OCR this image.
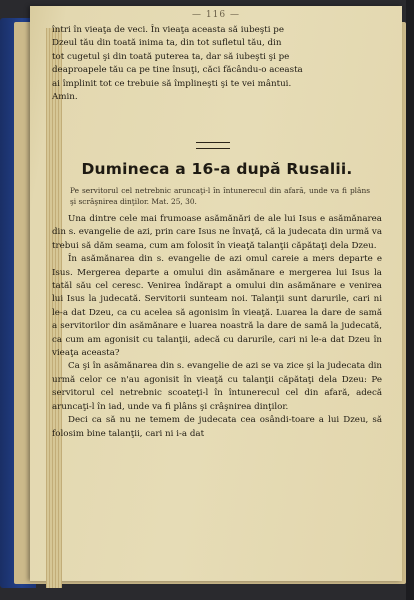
— 116 —

întri în vieaţa de veci. În vieaţa aceasta să iubeşti pe

Dzeul tău din toată inima ta, din tot sufletul tău, din

tot cugetul şi din toată puterea ta, dar să iubeşti şi pe

deaproapele tău ca pe tine însuţi, căci făcându-o aceasta

ai împlinit tot ce trebuie să împlineşti şi te vei mântui.

Amin.

Dumineca a 16-a după Rusalii.
Pe servitorul cel netrebnic aruncaţi-l în întunerecul din afară, unde va fi plâns şi scrâşnirea dinţilor. Mat. 25, 30.

Una dintre cele mai frumoase asămănări de ale lui Isus e asămănarea din s. evangelie de azi, prin care Isus ne învaţă, că la judecata din urmă va trebui să dăm seama, cum am folosit în vieaţă talanţii căpătaţi dela Dzeu.

În asămănarea din s. evangelie de azi omul careie a mers departe e Isus. Mergerea departe a omului din asămănare e mergerea lui Isus la tatăl său cel ceresc. Venirea îndărapt a omului din asămănare e venirea lui Isus la judecată. Servitorii sunteam noi. Talanţii sunt darurile, cari ni le-a dat Dzeu, ca cu acelea să agonisim în vieaţă. Luarea la dare de samă a servitorilor din asămănare e luarea noastră la dare de samă la judecată, ca cum am agonisit cu talanţii, adecă cu darurile, cari ni le-a dat Dzeu în vieaţa aceasta?

Ca şi în asămănarea din s. evangelie de azi se va zice şi la judecata din urmă celor ce n'au agonisit în vieaţă cu talanţii căpătaţi dela Dzeu: Pe servitorul cel netrebnic scoateţi-l în întunerecul cel din afară, adecă aruncaţi-l în iad, unde va fi plâns şi crâşnirea dinţilor.

Deci ca să nu ne temem de judecata cea osândi-toare a lui Dzeu, să folosim bine talanţii, cari ni i-a dat
